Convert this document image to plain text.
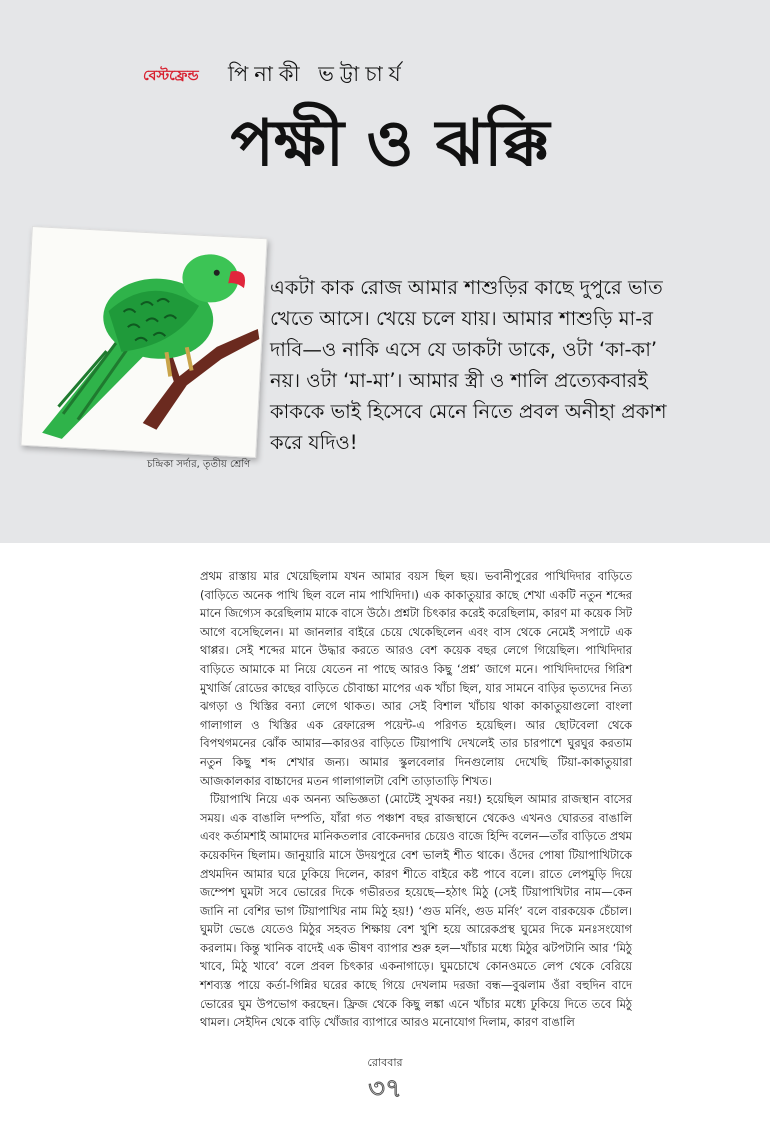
বেস্টফ্রেন্ড পিনাকী ভট্টাচার্য
পক্ষী ও ঝক্কি
চন্দ্রিকা সর্দার, তৃতীয় শ্রেণি
একটা কাক রোজ আমার শাশুড়ির কাছে দুপুরে ভাত খেতে আসে। খেয়ে চলে যায়। আমার শাশুড়ি মা-র দাবি—ও নাকি এসে যে ডাকটা ডাকে, ওটা ‘কা-কা’ নয়। ওটা ‘মা-মা’। আমার স্ত্রী ও শালি প্রত্যেকবারই কাককে ভাই হিসেবে মেনে নিতে প্রবল অনীহা প্রকাশ করে যদিও!

প্রথম রাস্তায় মার খেয়েছিলাম যখন আমার বয়স ছিল ছয়। ভবানীপুরের পাখিদিদার বাড়িতে (বাড়িতে অনেক পাখি ছিল বলে নাম পাখিদিদা।) এক কাকাতুয়ার কাছে শেখা একটি নতুন শব্দের মানে জিগ্যেস করেছিলাম মাকে বাসে উঠে। প্রশ্নটা চিৎকার করেই করেছিলাম, কারণ মা কয়েক সিট আগে বসেছিলেন। মা জানলার বাইরে চেয়ে থেকেছিলেন এবং বাস থেকে নেমেই সপাটে এক থাপ্পর। সেই শব্দের মানে উদ্ধার করতে আরও বেশ কয়েক বছর লেগে গিয়েছিল। পাখিদিদার বাড়িতে আমাকে মা নিয়ে যেতেন না পাছে আরও কিছু ‘প্রশ্ন’ জাগে মনে। পাখিদিদাদের গিরিশ মুখার্জি রোডের কাছের বাড়িতে চৌবাচ্চা মাপের এক খাঁচা ছিল, যার সামনে বাড়ির ভৃত্যদের নিত্য ঝগড়া ও খিস্তির বন্যা লেগে থাকত। আর সেই বিশাল খাঁচায় থাকা কাকাতুয়াগুলো বাংলা গালাগাল ও খিস্তির এক রেফারেন্স পয়েন্ট-এ পরিণত হয়েছিল। আর ছোটবেলা থেকে বিপথগমনের ঝোঁক আমার—কারওর বাড়িতে টিয়াপাখি দেখলেই তার চারপাশে ঘুরঘুর করতাম নতুন কিছু শব্দ শেখার জন্য। আমার স্কুলবেলার দিনগুলোয় দেখেছি টিয়া-কাকাতুয়ারা আজকালকার বাচ্চাদের মতন গালাগালটা বেশি তাড়াতাড়ি শিখত।

টিয়াপাখি নিয়ে এক অনন্য অভিজ্ঞতা (মোটেই সুখকর নয়!) হয়েছিল আমার রাজস্থান বাসের সময়। এক বাঙালি দম্পতি, যাঁরা গত পঞ্চাশ বছর রাজস্থানে থেকেও এখনও ঘোরতর বাঙালি এবং কর্তামশাই আমাদের মানিকতলার বোকেনদার চেয়েও বাজে হিন্দি বলেন—তাঁর বাড়িতে প্রথম কয়েকদিন ছিলাম। জানুয়ারি মাসে উদয়পুরে বেশ ভালই শীত থাকে। ওঁদের পোষা টিয়াপাখিটাকে প্রথমদিন আমার ঘরে ঢুকিয়ে দিলেন, কারণ শীতে বাইরে কষ্ট পাবে বলে। রাতে লেপমুড়ি দিয়ে জম্পেশ ঘুমটা সবে ভোরের দিকে গভীরতর হয়েছে—হঠাৎ মিঠু (সেই টিয়াপাখিটার নাম—কেন জানি না বেশির ভাগ টিয়াপাখির নাম মিঠু হয়!) ‘গুড মর্নিং, গুড মর্নিং’ বলে বারকয়েক চেঁচাল। ঘুমটা ভেঙে যেতেও মিঠুর সহবত শিক্ষায় বেশ খুশি হয়ে আরেকপ্রস্থ ঘুমের দিকে মনঃসংযোগ করলাম। কিন্তু খানিক বাদেই এক ভীষণ ব্যাপার শুরু হল—খাঁচার মধ্যে মিঠুর ঝটপটানি আর ‘মিঠু খাবে, মিঠু খাবে’ বলে প্রবল চিৎকার একনাগাড়ে। ঘুমচোখে কোনওমতে লেপ থেকে বেরিয়ে শশব্যস্ত পায়ে কর্তা-গিন্নির ঘরের কাছে গিয়ে দেখলাম দরজা বন্ধ—বুঝলাম ওঁরা বহুদিন বাদে ভোরের ঘুম উপভোগ করছেন। ফ্রিজ থেকে কিছু লঙ্কা এনে খাঁচার মধ্যে ঢুকিয়ে দিতে তবে মিঠু থামল। সেইদিন থেকে বাড়ি খোঁজার ব্যাপারে আরও মনোযোগ দিলাম, কারণ বাঙালি

রোববার
৩৭
